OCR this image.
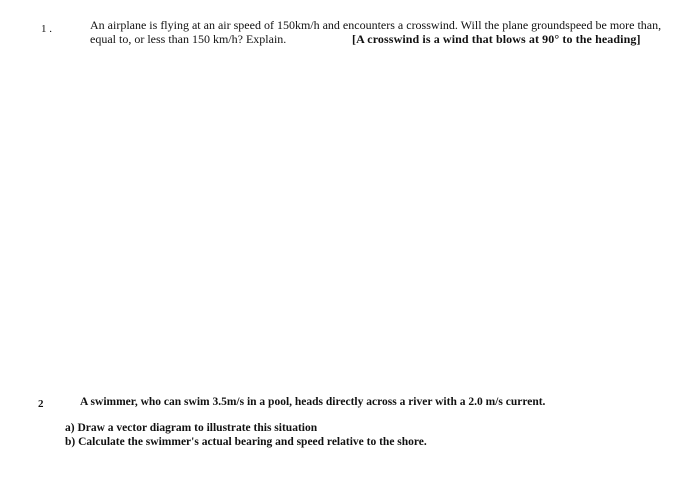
1 .	An airplane is flying at an air speed of 150km/h and encounters a crosswind. Will the plane groundspeed be more than,
equal to, or less than 150 km/h? Explain.	[A crosswind is a wind that blows at 90° to the heading]
2	A swimmer, who can swim 3.5m/s in a pool, heads directly across a river with a 2.0 m/s current.
a) Draw a vector diagram to illustrate this situation
b) Calculate the swimmer's actual bearing and speed relative to the shore.
